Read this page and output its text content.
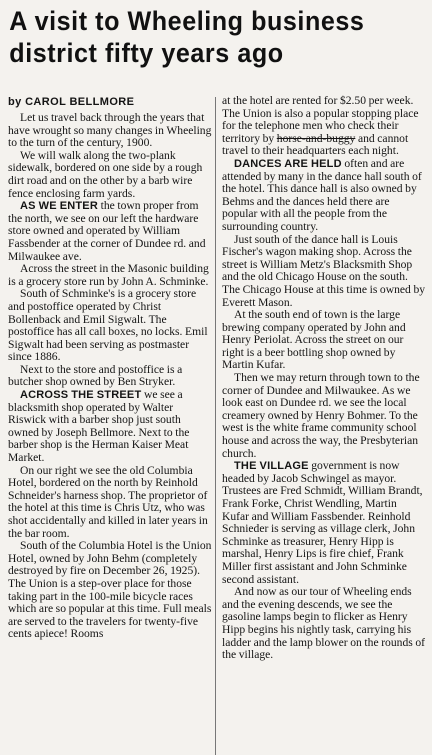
A visit to Wheeling business
district fifty years ago
by CAROL BELLMORE

Let us travel back through the years that have wrought so many changes in Wheeling to the turn of the century, 1900.

We will walk along the two-plank sidewalk, bordered on one side by a rough dirt road and on the other by a barb wire fence enclosing farm yards.

AS WE ENTER the town proper from the north, we see on our left the hardware store owned and operated by William Fassbender at the corner of Dundee rd. and Milwaukee ave.

Across the street in the Masonic building is a grocery store run by John A. Schminke.

South of Schminke's is a grocery store and postoffice operated by Christ Bollenback and Emil Sigwalt. The postoffice has all call boxes, no locks. Emil Sigwalt had been serving as postmaster since 1886.

Next to the store and postoffice is a butcher shop owned by Ben Stryker.

ACROSS THE STREET we see a blacksmith shop operated by Walter Riswick with a barber shop just south owned by Joseph Bellmore. Next to the barber shop is the Herman Kaiser Meat Market.

On our right we see the old Columbia Hotel, bordered on the north by Reinhold Schneider's harness shop. The proprietor of the hotel at this time is Chris Utz, who was shot accidentally and killed in later years in the bar room.

South of the Columbia Hotel is the Union Hotel, owned by John Behm (completely destroyed by fire on December 26, 1925). The Union is a step-over place for those taking part in the 100-mile bicycle races which are so popular at this time. Full meals are served to the travelers for twenty-five cents apiece! Rooms

at the hotel are rented for $2.50 per week. The Union is also a popular stopping place for the telephone men who check their territory by horse-and-buggy and cannot travel to their headquarters each night.

DANCES ARE HELD often and are attended by many in the dance hall south of the hotel. This dance hall is also owned by Behms and the dances held there are popular with all the people from the surrounding country.

Just south of the dance hall is Louis Fischer's wagon making shop. Across the street is William Metz's Blacksmith Shop and the old Chicago House on the south. The Chicago House at this time is owned by Everett Mason.

At the south end of town is the large brewing company operated by John and Henry Periolat. Across the street on our right is a beer bottling shop owned by Martin Kufar.

Then we may return through town to the corner of Dundee and Milwaukee. As we look east on Dundee rd. we see the local creamery owned by Henry Bohmer. To the west is the white frame community school house and across the way, the Presbyterian church.

THE VILLAGE government is now headed by Jacob Schwingel as mayor. Trustees are Fred Schmidt, William Brandt, Frank Forke, Christ Wendling, Martin Kufar and William Fassbender. Reinhold Schnieder is serving as village clerk, John Schminke as treasurer, Henry Hipp is marshal, Henry Lips is fire chief, Frank Miller first assistant and John Schminke second assistant.

And now as our tour of Wheeling ends and the evening descends, we see the gasoline lamps begin to flicker as Henry Hipp begins his nightly task, carrying his ladder and the lamp blower on the rounds of the village.
